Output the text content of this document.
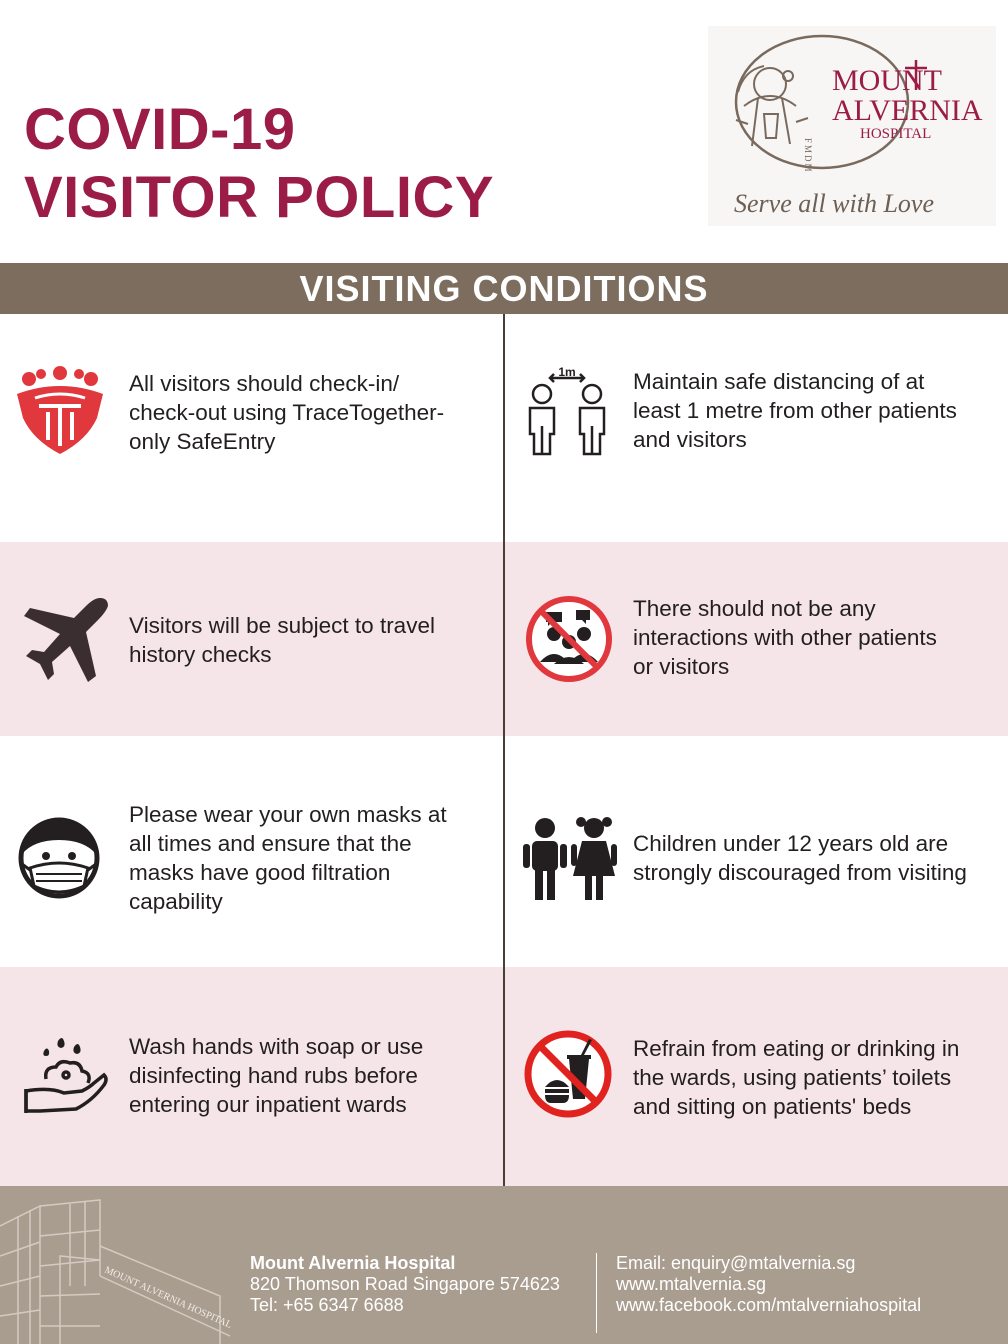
COVID-19
VISITOR POLICY
MOUNT
ALVERNIA
HOSPITAL
FMDM
Serve all with Love
VISITING CONDITIONS
All visitors should check-in/
check-out using TraceTogether-
only SafeEntry
1m	Maintain safe distancing of at
least 1 metre from other patients
and visitors
Visitors will be subject to travel
history checks
There should not be any
interactions with other patients
or visitors
Please wear your own masks at
all times and ensure that the
masks have good filtration
capability
Children under 12 years old are
strongly discouraged from visiting
Wash hands with soap or use
disinfecting hand rubs before
entering our inpatient wards
Refrain from eating or drinking in
the wards, using patients’ toilets
and sitting on patients' beds
MOUNT ALVERNIA HOSPITAL
Mount Alvernia Hospital
820 Thomson Road Singapore 574623
Tel: +65 6347 6688
Email: enquiry@mtalvernia.sg
www.mtalvernia.sg
www.facebook.com/mtalverniahospital
